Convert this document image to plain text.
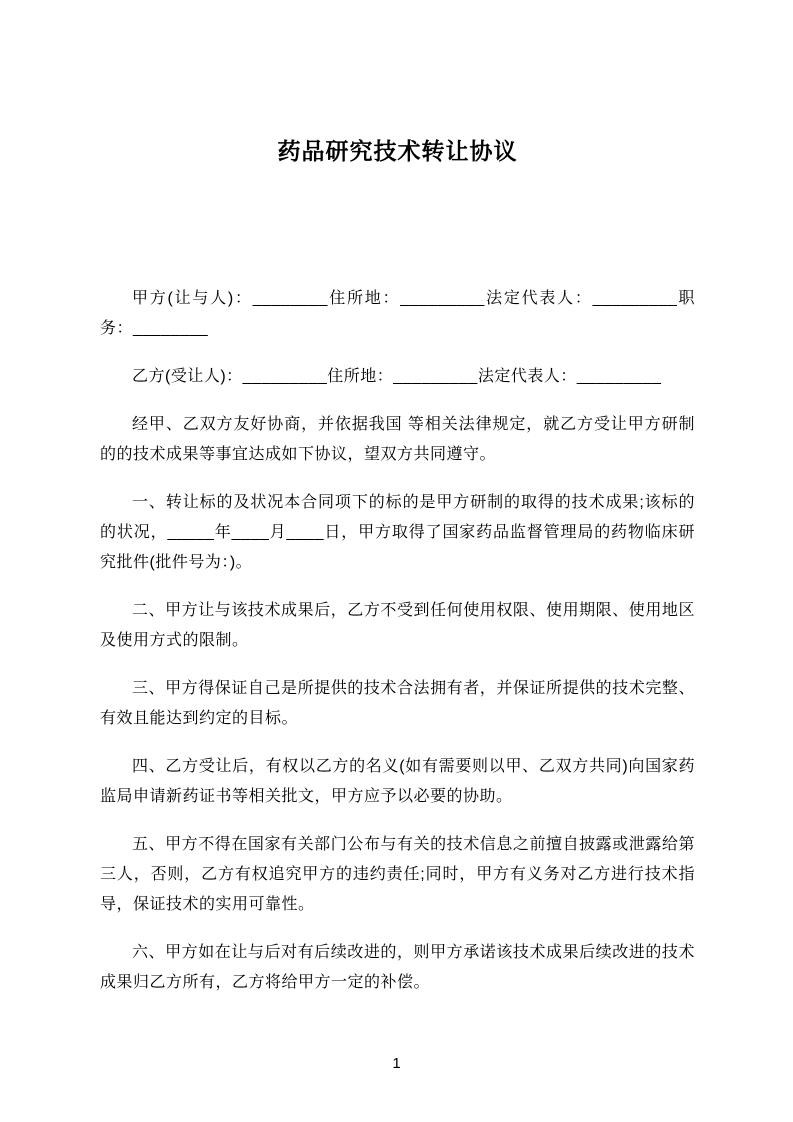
药品研究技术转让协议

甲方(让与人)：________住所地：_________法定代表人：_________职务：________

乙方(受让人)：_________住所地：_________法定代表人：_________

经甲、乙双方友好协商，并依据我国 等相关法律规定，就乙方受让甲方研制的的技术成果等事宜达成如下协议，望双方共同遵守。

一、转让标的及状况本合同项下的标的是甲方研制的取得的技术成果;该标的的状况，_____年____月____日，甲方取得了国家药品监督管理局的药物临床研究批件(批件号为：)。

二、甲方让与该技术成果后，乙方不受到任何使用权限、使用期限、使用地区及使用方式的限制。

三、甲方得保证自己是所提供的技术合法拥有者，并保证所提供的技术完整、有效且能达到约定的目标。

四、乙方受让后，有权以乙方的名义(如有需要则以甲、乙双方共同)向国家药监局申请新药证书等相关批文，甲方应予以必要的协助。

五、甲方不得在国家有关部门公布与有关的技术信息之前擅自披露或泄露给第三人，否则，乙方有权追究甲方的违约责任;同时，甲方有义务对乙方进行技术指导，保证技术的实用可靠性。

六、甲方如在让与后对有后续改进的，则甲方承诺该技术成果后续改进的技术成果归乙方所有，乙方将给甲方一定的补偿。

1
